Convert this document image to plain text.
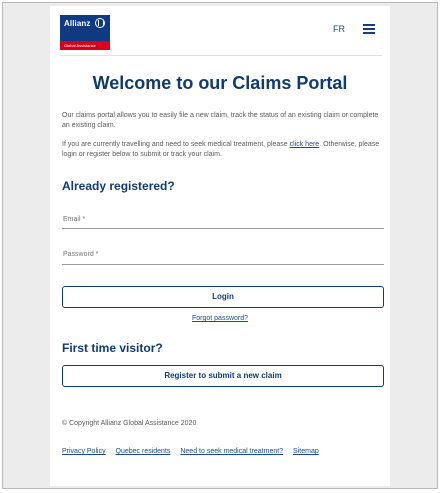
Allianz
Global Assistance
FR
Welcome to our Claims Portal
Our claims portal allows you to easily file a new claim, track the status of an existing claim or complete an existing claim.
If you are currently travelling and need to seek medical treatment, please click here. Otherwise, please login or register below to submit or track your claim.
Already registered?
Email *
Password *
Login
Forgot password?
First time visitor?
Register to submit a new claim
© Copyright Allianz Global Assistance 2020
Privacy Policy Quebec residents Need to seek medical treatment? Sitemap
